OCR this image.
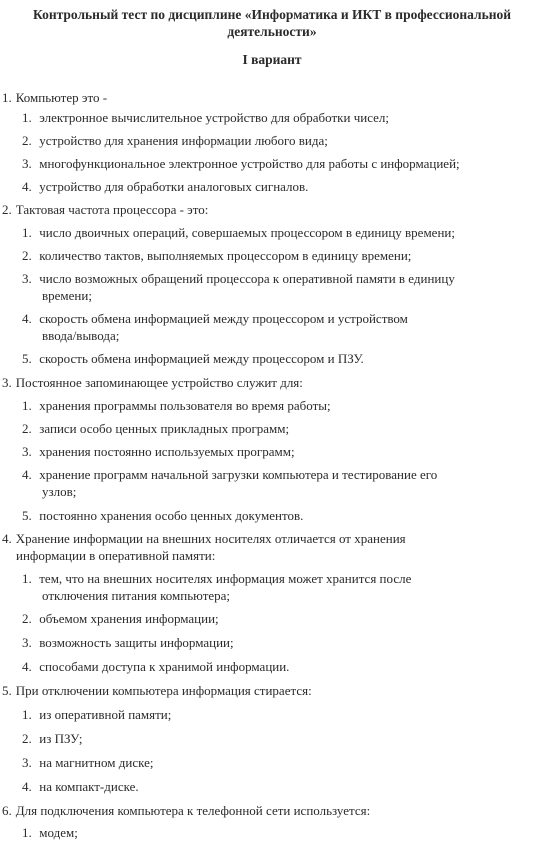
Контрольный тест по дисциплине «Информатика и ИКТ в профессиональной
деятельности»
I вариант
1. Компьютер это -
1. электронное вычислительное устройство для обработки чисел;
2. устройство для хранения информации любого вида;
3. многофункциональное электронное устройство для работы с информацией;
4. устройство для обработки аналоговых сигналов.
2. Тактовая частота процессора - это:
1. число двоичных операций, совершаемых процессором в единицу времени;
2. количество тактов, выполняемых процессором в единицу времени;
3. число возможных обращений процессора к оперативной памяти в единицу
времени;
4. скорость обмена информацией между процессором и устройством
ввода/вывода;
5. скорость обмена информацией между процессором и ПЗУ.
3. Постоянное запоминающее устройство служит для:
1. хранения программы пользователя во время работы;
2. записи особо ценных прикладных программ;
3. хранения постоянно используемых программ;
4. хранение программ начальной загрузки компьютера и тестирование его
узлов;
5. постоянно хранения особо ценных документов.
4. Хранение информации на внешних носителях отличается от хранения
информации в оперативной памяти:
1. тем, что на внешних носителях информация может хранится после
отключения питания компьютера;
2. объемом хранения информации;
3. возможность защиты информации;
4. способами доступа к хранимой информации.
5. При отключении компьютера информация стирается:
1. из оперативной памяти;
2. из ПЗУ;
3. на магнитном диске;
4. на компакт-диске.
6. Для подключения компьютера к телефонной сети используется:
1. модем;
